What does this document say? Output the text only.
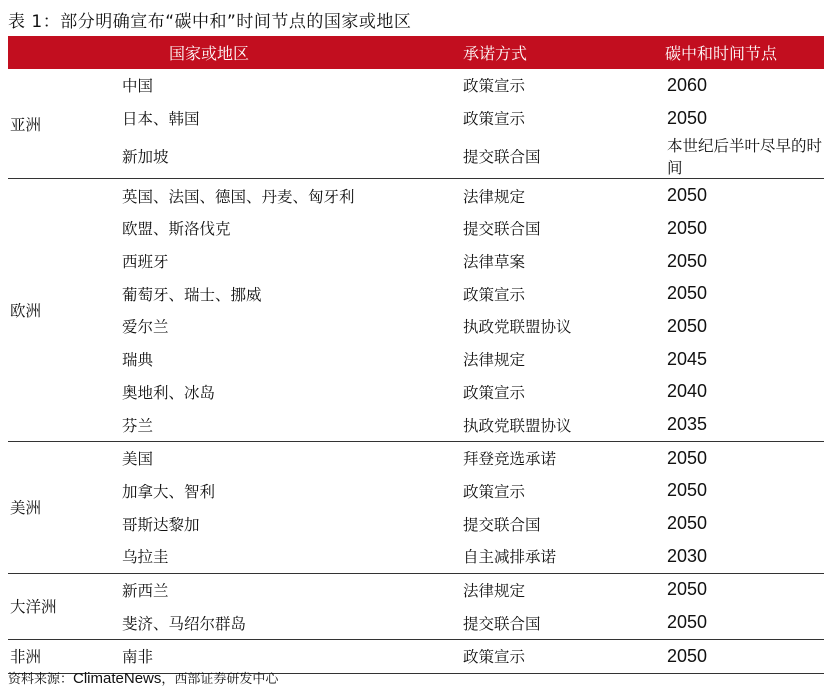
表 1：部分明确宣布“碳中和”时间节点的国家或地区
	国家或地区	承诺方式	碳中和时间节点
亚洲	中国	政策宣示	2060
	日本、韩国	政策宣示	2050
	新加坡	提交联合国	本世纪后半叶尽早的时间
欧洲	英国、法国、德国、丹麦、匈牙利	法律规定	2050
	欧盟、斯洛伐克	提交联合国	2050
	西班牙	法律草案	2050
	葡萄牙、瑞士、挪威	政策宣示	2050
	爱尔兰	执政党联盟协议	2050
	瑞典	法律规定	2045
	奥地利、冰岛	政策宣示	2040
	芬兰	执政党联盟协议	2035
美洲	美国	拜登竞选承诺	2050
	加拿大、智利	政策宣示	2050
	哥斯达黎加	提交联合国	2050
	乌拉圭	自主减排承诺	2030
大洋洲	新西兰	法律规定	2050
	斐济、马绍尔群岛	提交联合国	2050
非洲	南非	政策宣示	2050
资料来源：ClimateNews，西部证券研发中心
